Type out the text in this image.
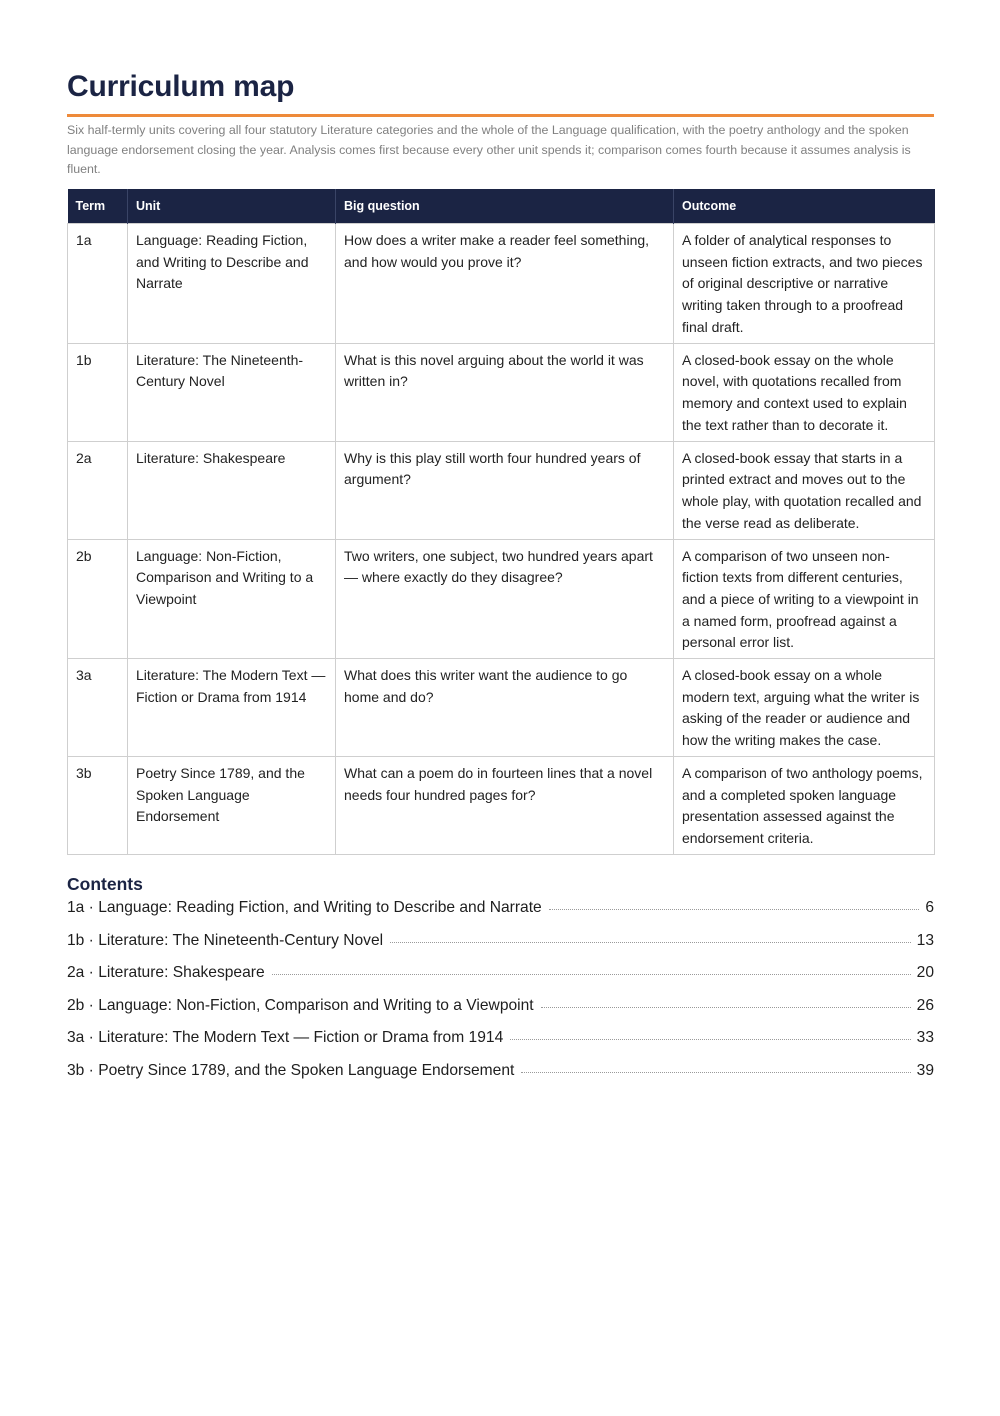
Curriculum map

Six half-termly units covering all four statutory Literature categories and the whole of the Language qualification, with the poetry anthology and the spoken language endorsement closing the year. Analysis comes first because every other unit spends it; comparison comes fourth because it assumes analysis is fluent.

Term	Unit	Big question	Outcome
1a	Language: Reading Fiction, and Writing to Describe and Narrate	How does a writer make a reader feel something, and how would you prove it?	A folder of analytical responses to unseen fiction extracts, and two pieces of original descriptive or narrative writing taken through to a proofread final draft.
1b	Literature: The Nineteenth-Century Novel	What is this novel arguing about the world it was written in?	A closed-book essay on the whole novel, with quotations recalled from memory and context used to explain the text rather than to decorate it.
2a	Literature: Shakespeare	Why is this play still worth four hundred years of argument?	A closed-book essay that starts in a printed extract and moves out to the whole play, with quotation recalled and the verse read as deliberate.
2b	Language: Non-Fiction, Comparison and Writing to a Viewpoint	Two writers, one subject, two hundred years apart — where exactly do they disagree?	A comparison of two unseen non-fiction texts from different centuries, and a piece of writing to a viewpoint in a named form, proofread against a personal error list.
3a	Literature: The Modern Text — Fiction or Drama from 1914	What does this writer want the audience to go home and do?	A closed-book essay on a whole modern text, arguing what the writer is asking of the reader or audience and how the writing makes the case.
3b	Poetry Since 1789, and the Spoken Language Endorsement	What can a poem do in fourteen lines that a novel needs four hundred pages for?	A comparison of two anthology poems, and a completed spoken language presentation assessed against the endorsement criteria.
Contents
1a · Language: Reading Fiction, and Writing to Describe and Narrate	6
1b · Literature: The Nineteenth-Century Novel	13
2a · Literature: Shakespeare	20
2b · Language: Non-Fiction, Comparison and Writing to a Viewpoint	26
3a · Literature: The Modern Text — Fiction or Drama from 1914	33
3b · Poetry Since 1789, and the Spoken Language Endorsement	39
